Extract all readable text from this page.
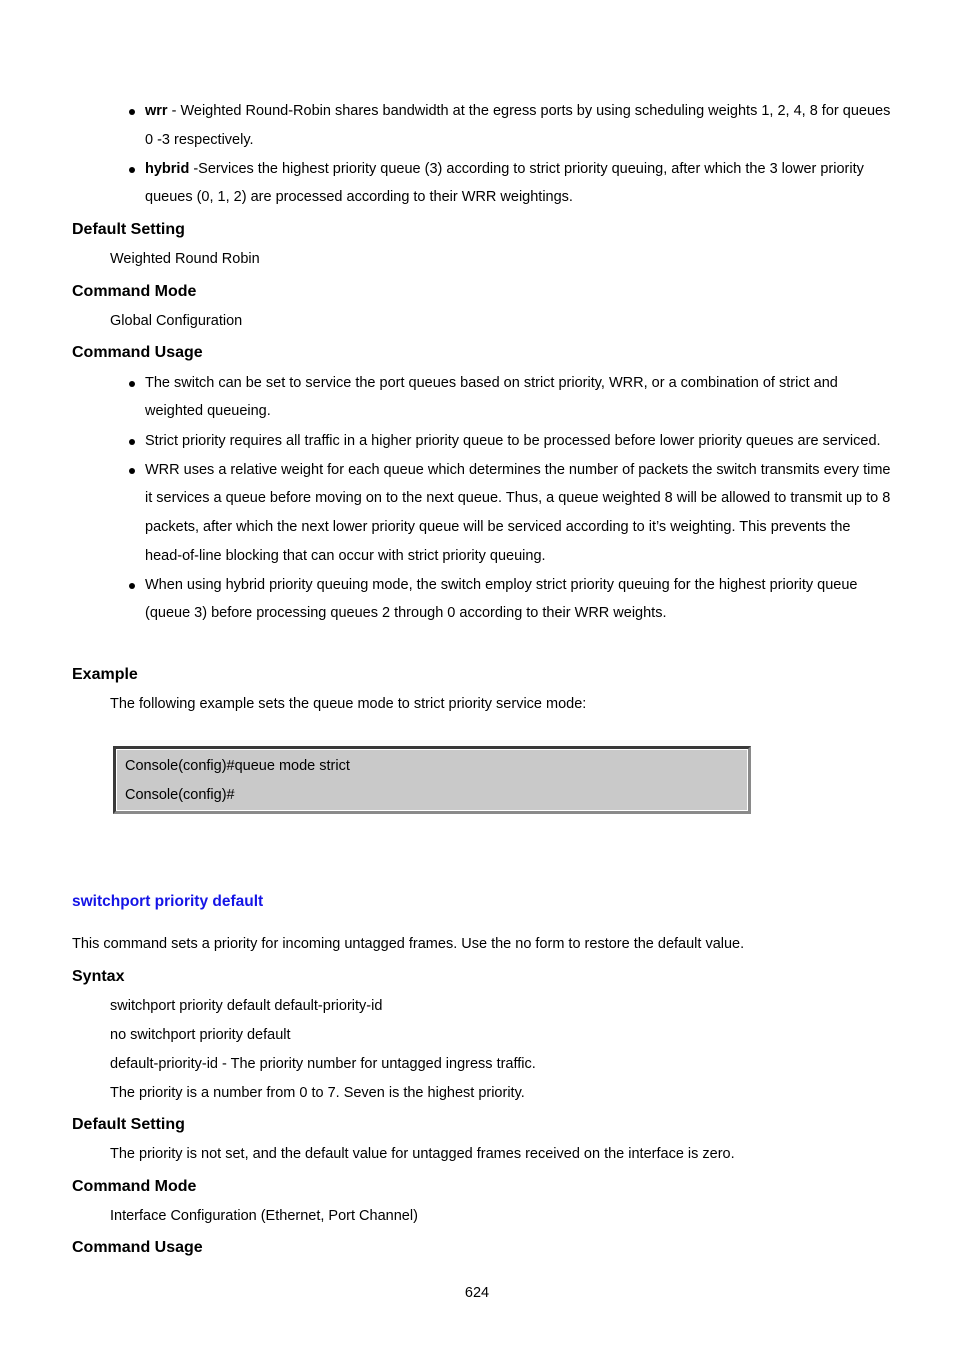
wrr - Weighted Round-Robin shares bandwidth at the egress ports by using scheduling weights 1, 2, 4, 8 for queues
0 -3 respectively.
hybrid -Services the highest priority queue (3) according to strict priority queuing, after which the 3 lower priority
queues (0, 1, 2) are processed according to their WRR weightings.
Default Setting
Weighted Round Robin
Command Mode
Global Configuration
Command Usage
The switch can be set to service the port queues based on strict priority, WRR, or a combination of strict and
weighted queueing.
Strict priority requires all traffic in a higher priority queue to be processed before lower priority queues are serviced.
WRR uses a relative weight for each queue which determines the number of packets the switch transmits every time
it services a queue before moving on to the next queue. Thus, a queue weighted 8 will be allowed to transmit up to 8
packets, after which the next lower priority queue will be serviced according to it’s weighting. This prevents the
head-of-line blocking that can occur with strict priority queuing.
When using hybrid priority queuing mode, the switch employ strict priority queuing for the highest priority queue
(queue 3) before processing queues 2 through 0 according to their WRR weights.
Example
The following example sets the queue mode to strict priority service mode:
Console(config)#queue mode strict
Console(config)#
switchport priority default
This command sets a priority for incoming untagged frames. Use the no form to restore the default value.
Syntax
switchport priority default default-priority-id
no switchport priority default
default-priority-id - The priority number for untagged ingress traffic.
The priority is a number from 0 to 7. Seven is the highest priority.
Default Setting
The priority is not set, and the default value for untagged frames received on the interface is zero.
Command Mode
Interface Configuration (Ethernet, Port Channel)
Command Usage
624
